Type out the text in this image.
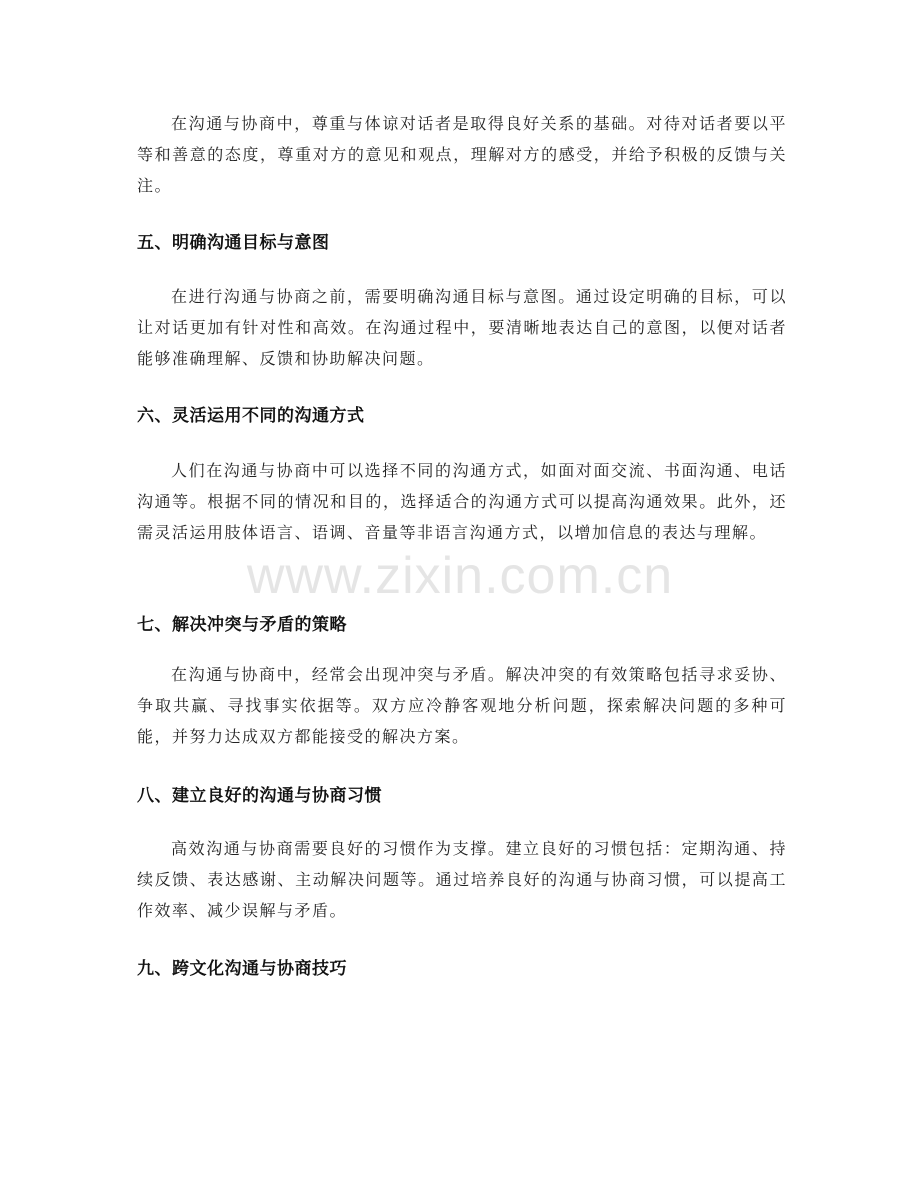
在沟通与协商中，尊重与体谅对话者是取得良好关系的基础。对待对话者要以平等和善意的态度，尊重对方的意见和观点，理解对方的感受，并给予积极的反馈与关注。

五、明确沟通目标与意图

在进行沟通与协商之前，需要明确沟通目标与意图。通过设定明确的目标，可以让对话更加有针对性和高效。在沟通过程中，要清晰地表达自己的意图，以便对话者能够准确理解、反馈和协助解决问题。

六、灵活运用不同的沟通方式

人们在沟通与协商中可以选择不同的沟通方式，如面对面交流、书面沟通、电话沟通等。根据不同的情况和目的，选择适合的沟通方式可以提高沟通效果。此外，还需灵活运用肢体语言、语调、音量等非语言沟通方式，以增加信息的表达与理解。

七、解决冲突与矛盾的策略

在沟通与协商中，经常会出现冲突与矛盾。解决冲突的有效策略包括寻求妥协、争取共赢、寻找事实依据等。双方应冷静客观地分析问题，探索解决问题的多种可能，并努力达成双方都能接受的解决方案。

八、建立良好的沟通与协商习惯

高效沟通与协商需要良好的习惯作为支撑。建立良好的习惯包括：定期沟通、持续反馈、表达感谢、主动解决问题等。通过培养良好的沟通与协商习惯，可以提高工作效率、减少误解与矛盾。

九、跨文化沟通与协商技巧
www.zixin.com.cn
